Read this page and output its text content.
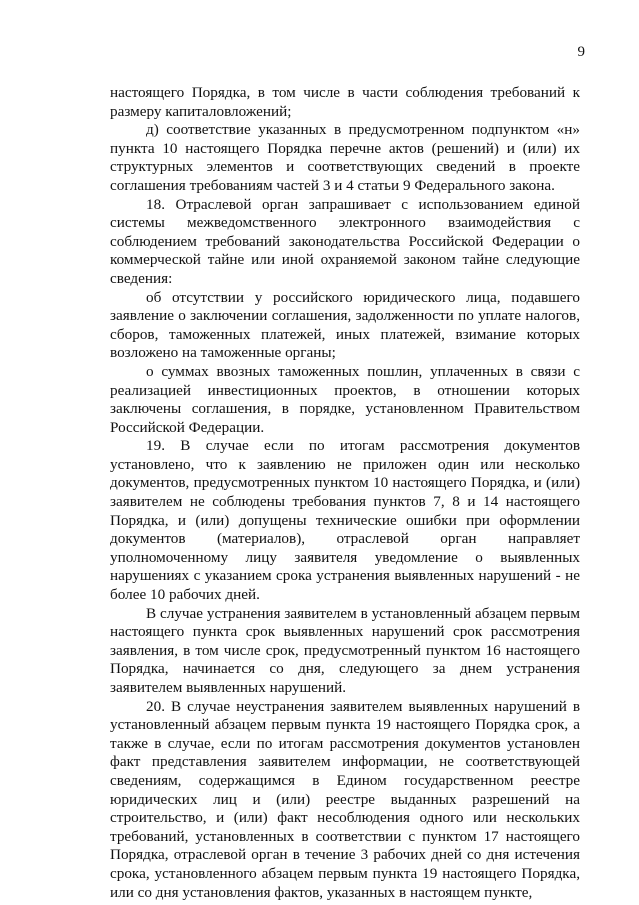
9

настоящего Порядка, в том числе в части соблюдения требований к размеру капиталовложений;

д) соответствие указанных в предусмотренном подпунктом «н» пункта 10 настоящего Порядка перечне актов (решений) и (или) их структурных элементов и соответствующих сведений в проекте соглашения требованиям частей 3 и 4 статьи 9 Федерального закона.

18. Отраслевой орган запрашивает с использованием единой системы межведомственного электронного взаимодействия с соблюдением требований законодательства Российской Федерации о коммерческой тайне или иной охраняемой законом тайне следующие сведения:

об отсутствии у российского юридического лица, подавшего заявление о заключении соглашения, задолженности по уплате налогов, сборов, таможенных платежей, иных платежей, взимание которых возложено на таможенные органы;

о суммах ввозных таможенных пошлин, уплаченных в связи с реализацией инвестиционных проектов, в отношении которых заключены соглашения, в порядке, установленном Правительством Российской Федерации.

19. В случае если по итогам рассмотрения документов установлено, что к заявлению не приложен один или несколько документов, предусмотренных пунктом 10 настоящего Порядка, и (или) заявителем не соблюдены требования пунктов 7, 8 и 14 настоящего Порядка, и (или) допущены технические ошибки при оформлении документов (материалов), отраслевой орган направляет уполномоченному лицу заявителя уведомление о выявленных нарушениях с указанием срока устранения выявленных нарушений - не более 10 рабочих дней.

В случае устранения заявителем в установленный абзацем первым настоящего пункта срок выявленных нарушений срок рассмотрения заявления, в том числе срок, предусмотренный пунктом 16 настоящего Порядка, начинается со дня, следующего за днем устранения заявителем выявленных нарушений.

20. В случае неустранения заявителем выявленных нарушений в установленный абзацем первым пункта 19 настоящего Порядка срок, а также в случае, если по итогам рассмотрения документов установлен факт представления заявителем информации, не соответствующей сведениям, содержащимся в Едином государственном реестре юридических лиц и (или) реестре выданных разрешений на строительство, и (или) факт несоблюдения одного или нескольких требований, установленных в соответствии с пунктом 17 настоящего Порядка, отраслевой орган в течение 3 рабочих дней со дня истечения срока, установленного абзацем первым пункта 19 настоящего Порядка, или со дня установления фактов, указанных в настоящем пункте,
